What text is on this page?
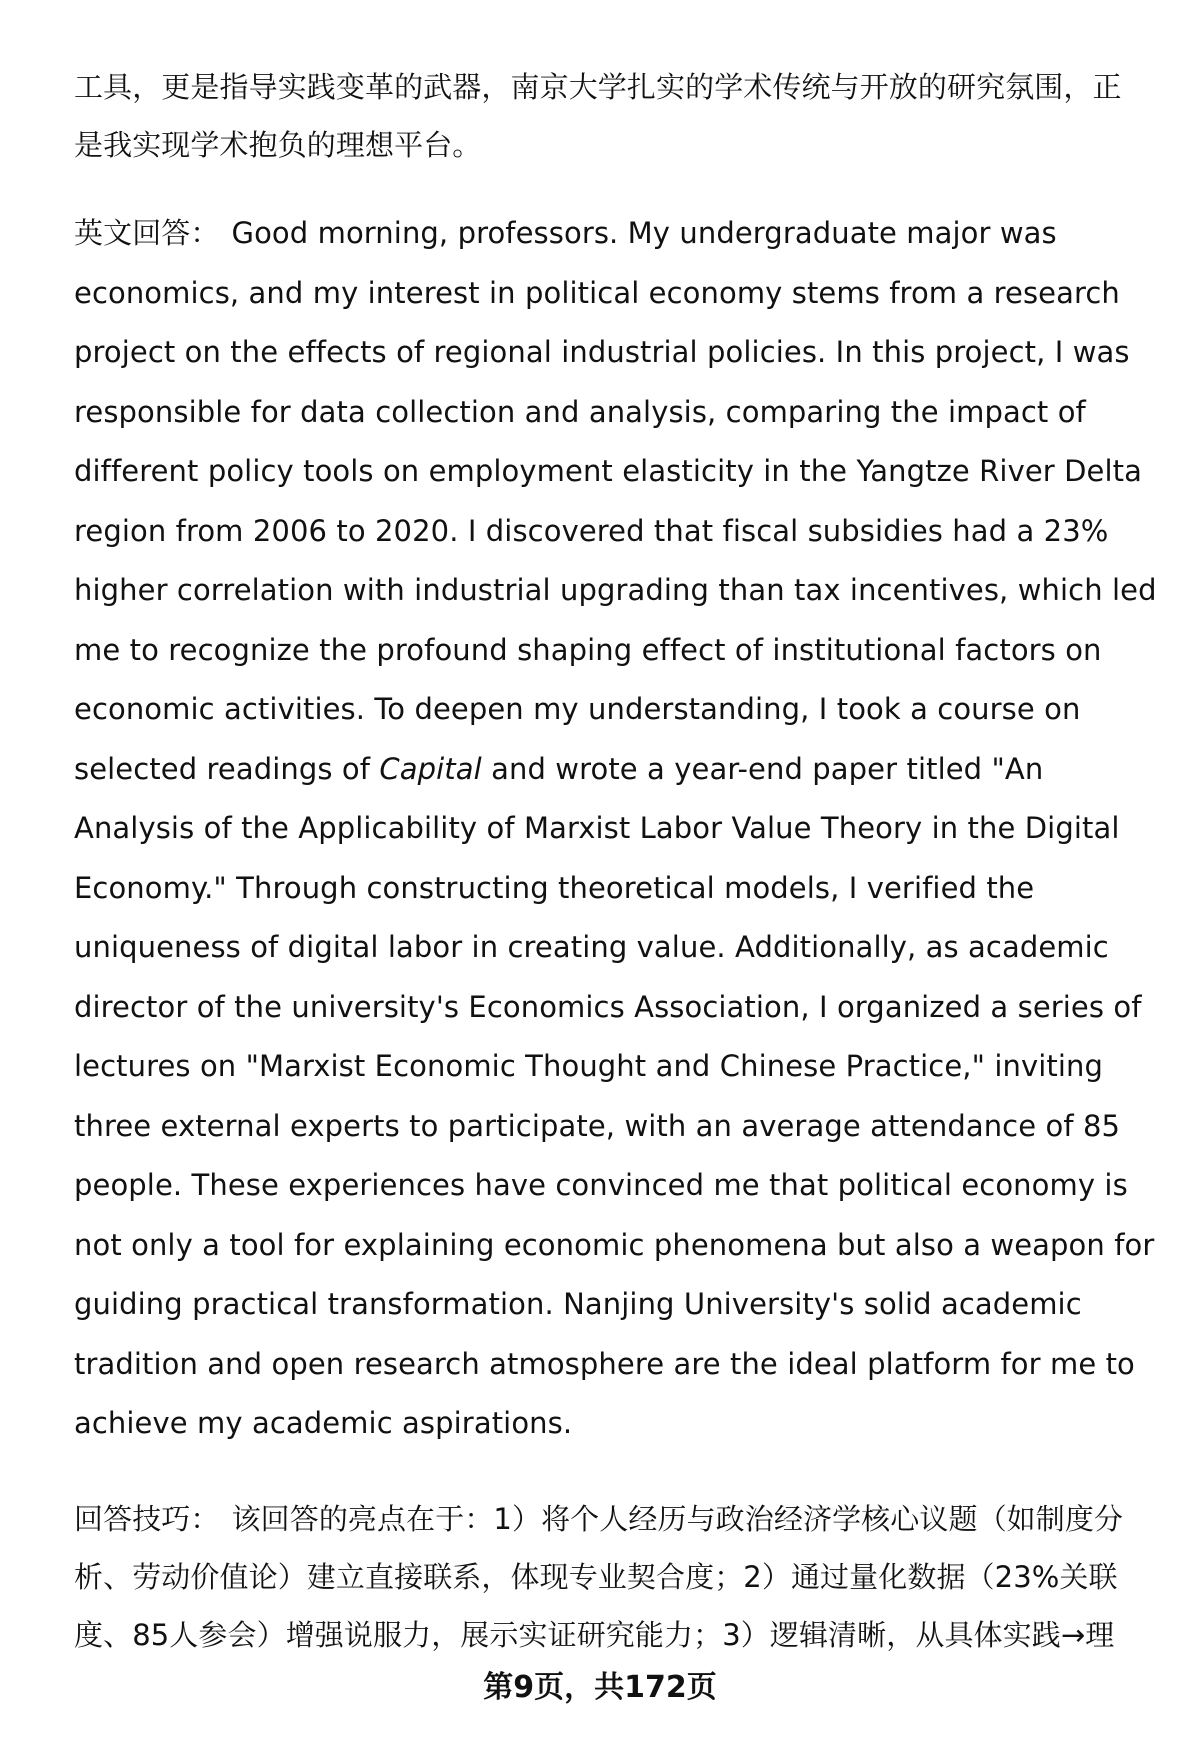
工具，更是指导实践变革的武器，南京大学扎实的学术传统与开放的研究氛围，正
是我实现学术抱负的理想平台。

英文回答： Good morning, professors. My undergraduate major was economics, and my interest in political economy stems from a research project on the effects of regional industrial policies. In this project, I was responsible for data collection and analysis, comparing the impact of different policy tools on employment elasticity in the Yangtze River Delta region from 2006 to 2020. I discovered that fiscal subsidies had a 23% higher correlation with industrial upgrading than tax incentives, which led me to recognize the profound shaping effect of institutional factors on economic activities. To deepen my understanding, I took a course on selected readings of Capital and wrote a year-end paper titled "An Analysis of the Applicability of Marxist Labor Value Theory in the Digital Economy." Through constructing theoretical models, I verified the uniqueness of digital labor in creating value. Additionally, as academic director of the university's Economics Association, I organized a series of lectures on "Marxist Economic Thought and Chinese Practice," inviting three external experts to participate, with an average attendance of 85 people. These experiences have convinced me that political economy is not only a tool for explaining economic phenomena but also a weapon for guiding practical transformation. Nanjing University's solid academic tradition and open research atmosphere are the ideal platform for me to achieve my academic aspirations.

回答技巧： 该回答的亮点在于：1）将个人经历与政治经济学核心议题（如制度分析、劳动价值论）建立直接联系，体现专业契合度；2）通过量化数据（23%关联度、85人参会）增强说服力，展示实证研究能力；3）逻辑清晰，从具体实践→理

第9页，共172页
